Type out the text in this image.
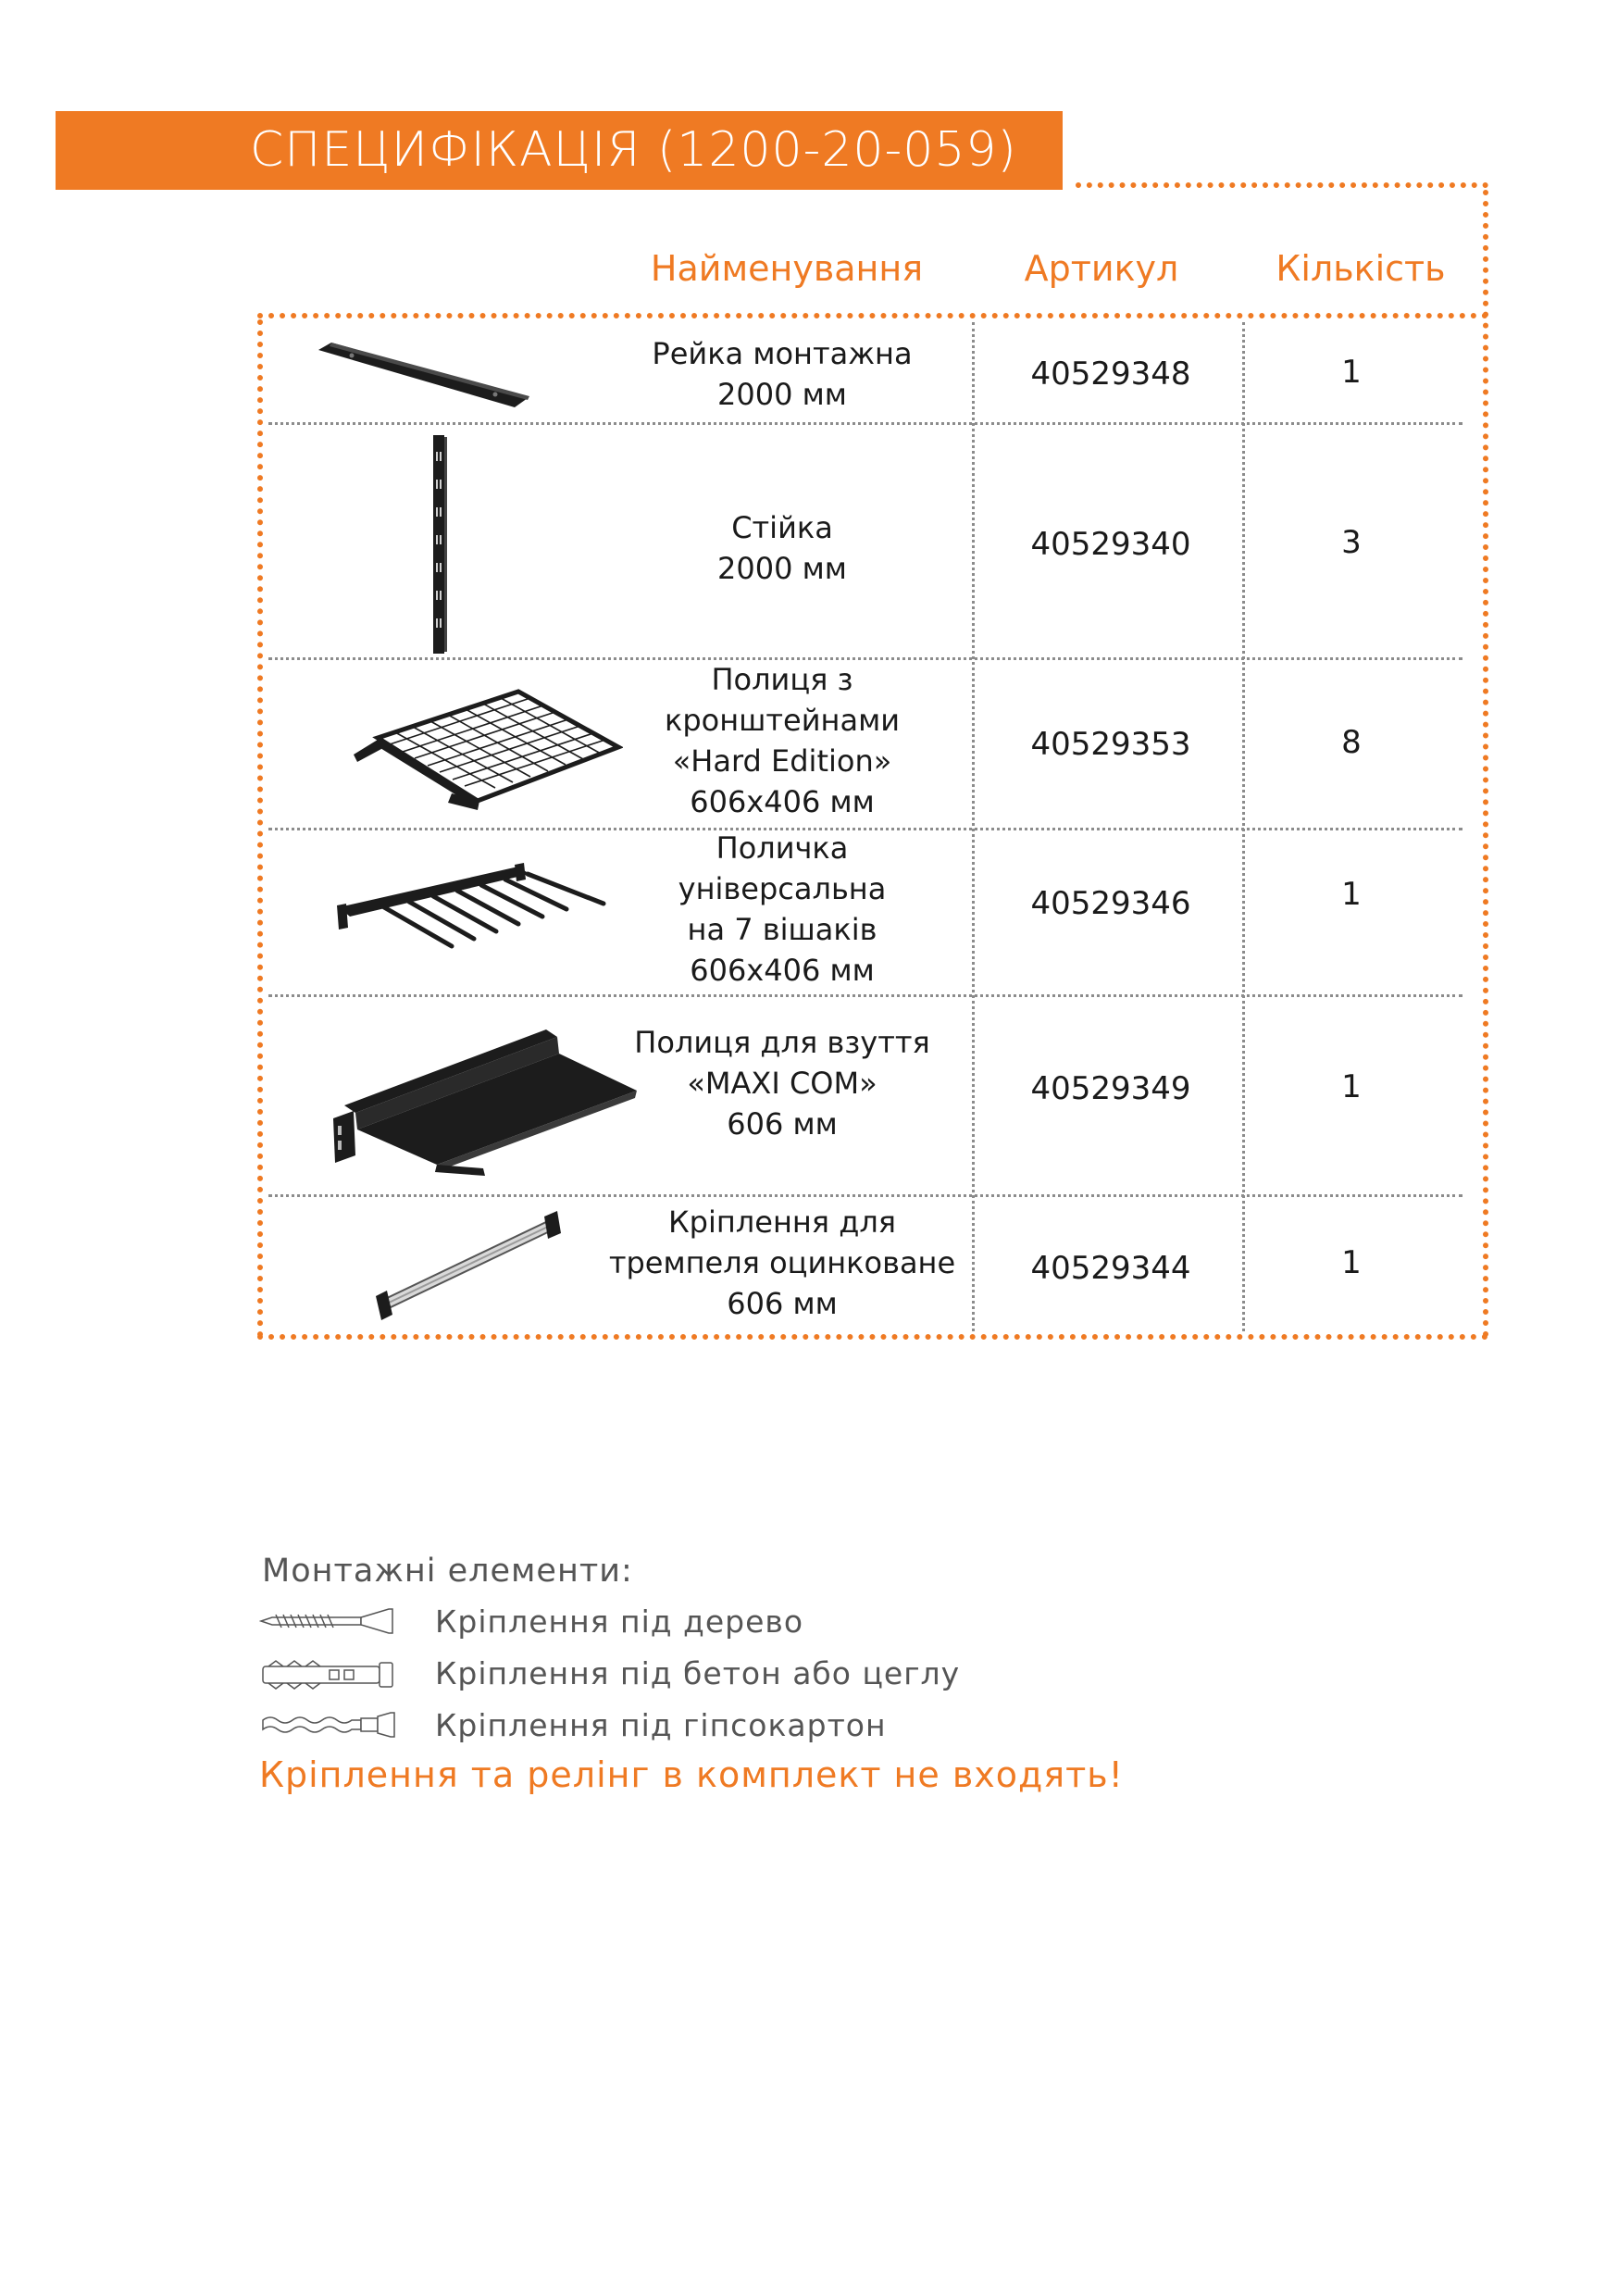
СПЕЦИФІКАЦІЯ (1200-20-059)
Найменування	Артикул	Кількість
Рейка монтажна
2000 мм
40529348	1
Стійка
2000 мм
40529340	3
Полиця з
кронштейнами
«Hard Edition»
606х406 мм
40529353	8
Поличка
універсальна
на 7 вішаків
606х406 мм
40529346	1
Полиця для взуття
«MAXI COM»
606 мм
40529349	1
Кріплення для
тремпеля оцинковане
606 мм
40529344	1
Монтажні елементи:
Кріплення під дерево
Кріплення під бетон або цеглу
Кріплення під гіпсокартон
Кріплення та релінг в комплект не входять!
